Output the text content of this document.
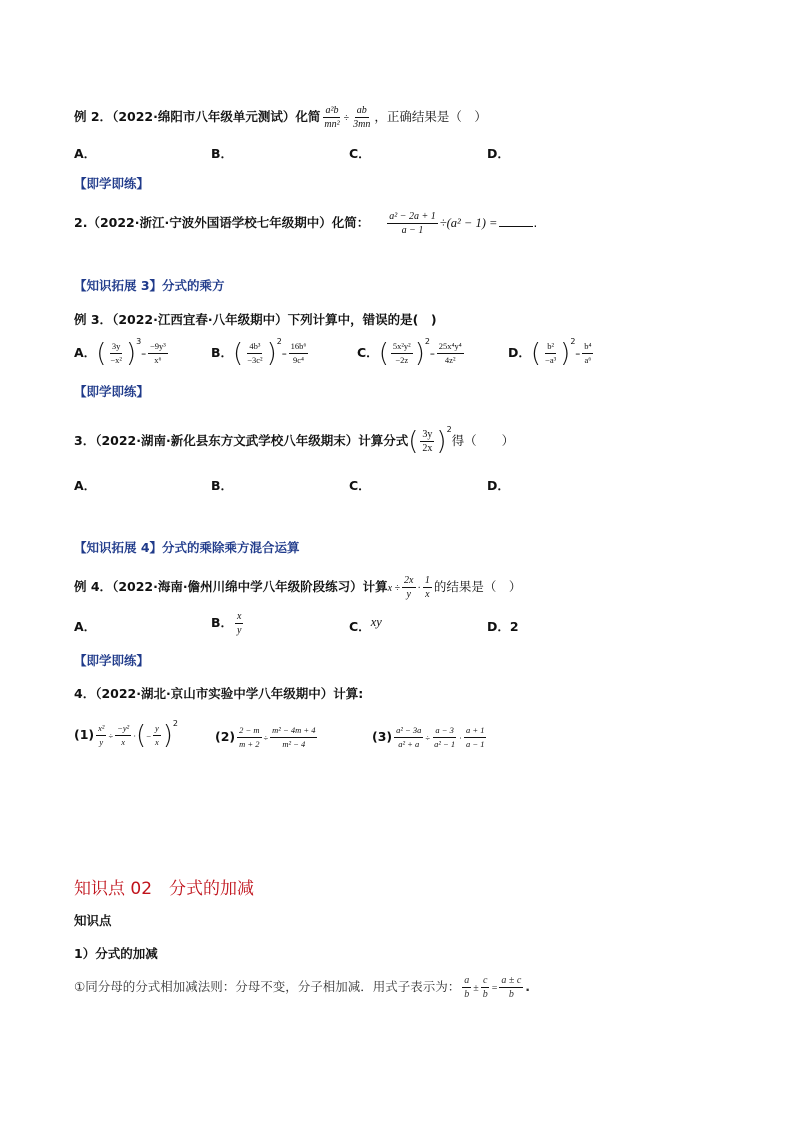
例 2．（2022·绵阳市八年级单元测试）化简 $\frac{\text{a²b}}{\text{mn²}} \div \frac{ab}{3mn}$ ，正确结果是（　）
A．	B．	C．	D．
【即学即练】
2.（2022·浙江·宁波外国语学校七年级期中）化简： $\frac{\text{a² − 2a + 1}}{a - 1} \div(a^2 - 1)$ =	.
【知识拓展 3】分式的乘方
例 3．（2022·江西宜春·八年级期中）下列计算中，错误的是(　)
A．( $\frac{3y}{\text{−x²}} )^3= \frac{\text{−9y³}}{\text{x⁶}}$	B．( $\frac{\text{4b³}}{\text{−3c²}} )^2= \frac{\text{16b⁶}}{\text{9c⁴}}$	C．( $\frac{\text{5x²y²}}{-2z} )^2= \frac{\text{25x⁴y⁴}}{\text{4z²}}$	D．( $\frac{\text{b²}}{\text{−a³}} )^2= \frac{\text{b⁴}}{\text{a⁶}}$
【即学即练】
3．（2022·湖南·新化县东方文武学校八年级期末）计算分式( $\frac{3y}{2x} )^2$得（　　）
A．	B．	C．	D．
【知识拓展 4】分式的乘除乘方混合运算
例 4．（2022·海南·儋州川绵中学八年级阶段练习）计算$x \div \frac{2x}{y} \cdot \frac{1}{x}$ 的结果是（　）
A．	B． $\frac{x}{y}$	C．xy	D．2
【即学即练】
4．（2022·湖北·京山市实验中学八年级期中）计算:
$(1) \frac{\text{x²}}{y} \div \frac{\text{−y²}}{x}$ ·(− $\frac{y}{x} )^2$
$(2) \frac{2 - m}{m + 2} \div \frac{\text{m² − 4m + 4}}{\text{m² − 4}}$	$(3) \frac{\text{a² − 3a}}{\text{a² + a}} \div \frac{a - 3}{\text{a² − 1}} \cdot \frac{a + 1}{a - 1}$
知识点 02　分式的加减
知识点
1）分式的加减
①同分母的分式相加减法则：分母不变，分子相加减．用式子表示为： $\frac{a}{b} \pm \frac{c}{b} = \frac{a \pm c}{b}$ .
